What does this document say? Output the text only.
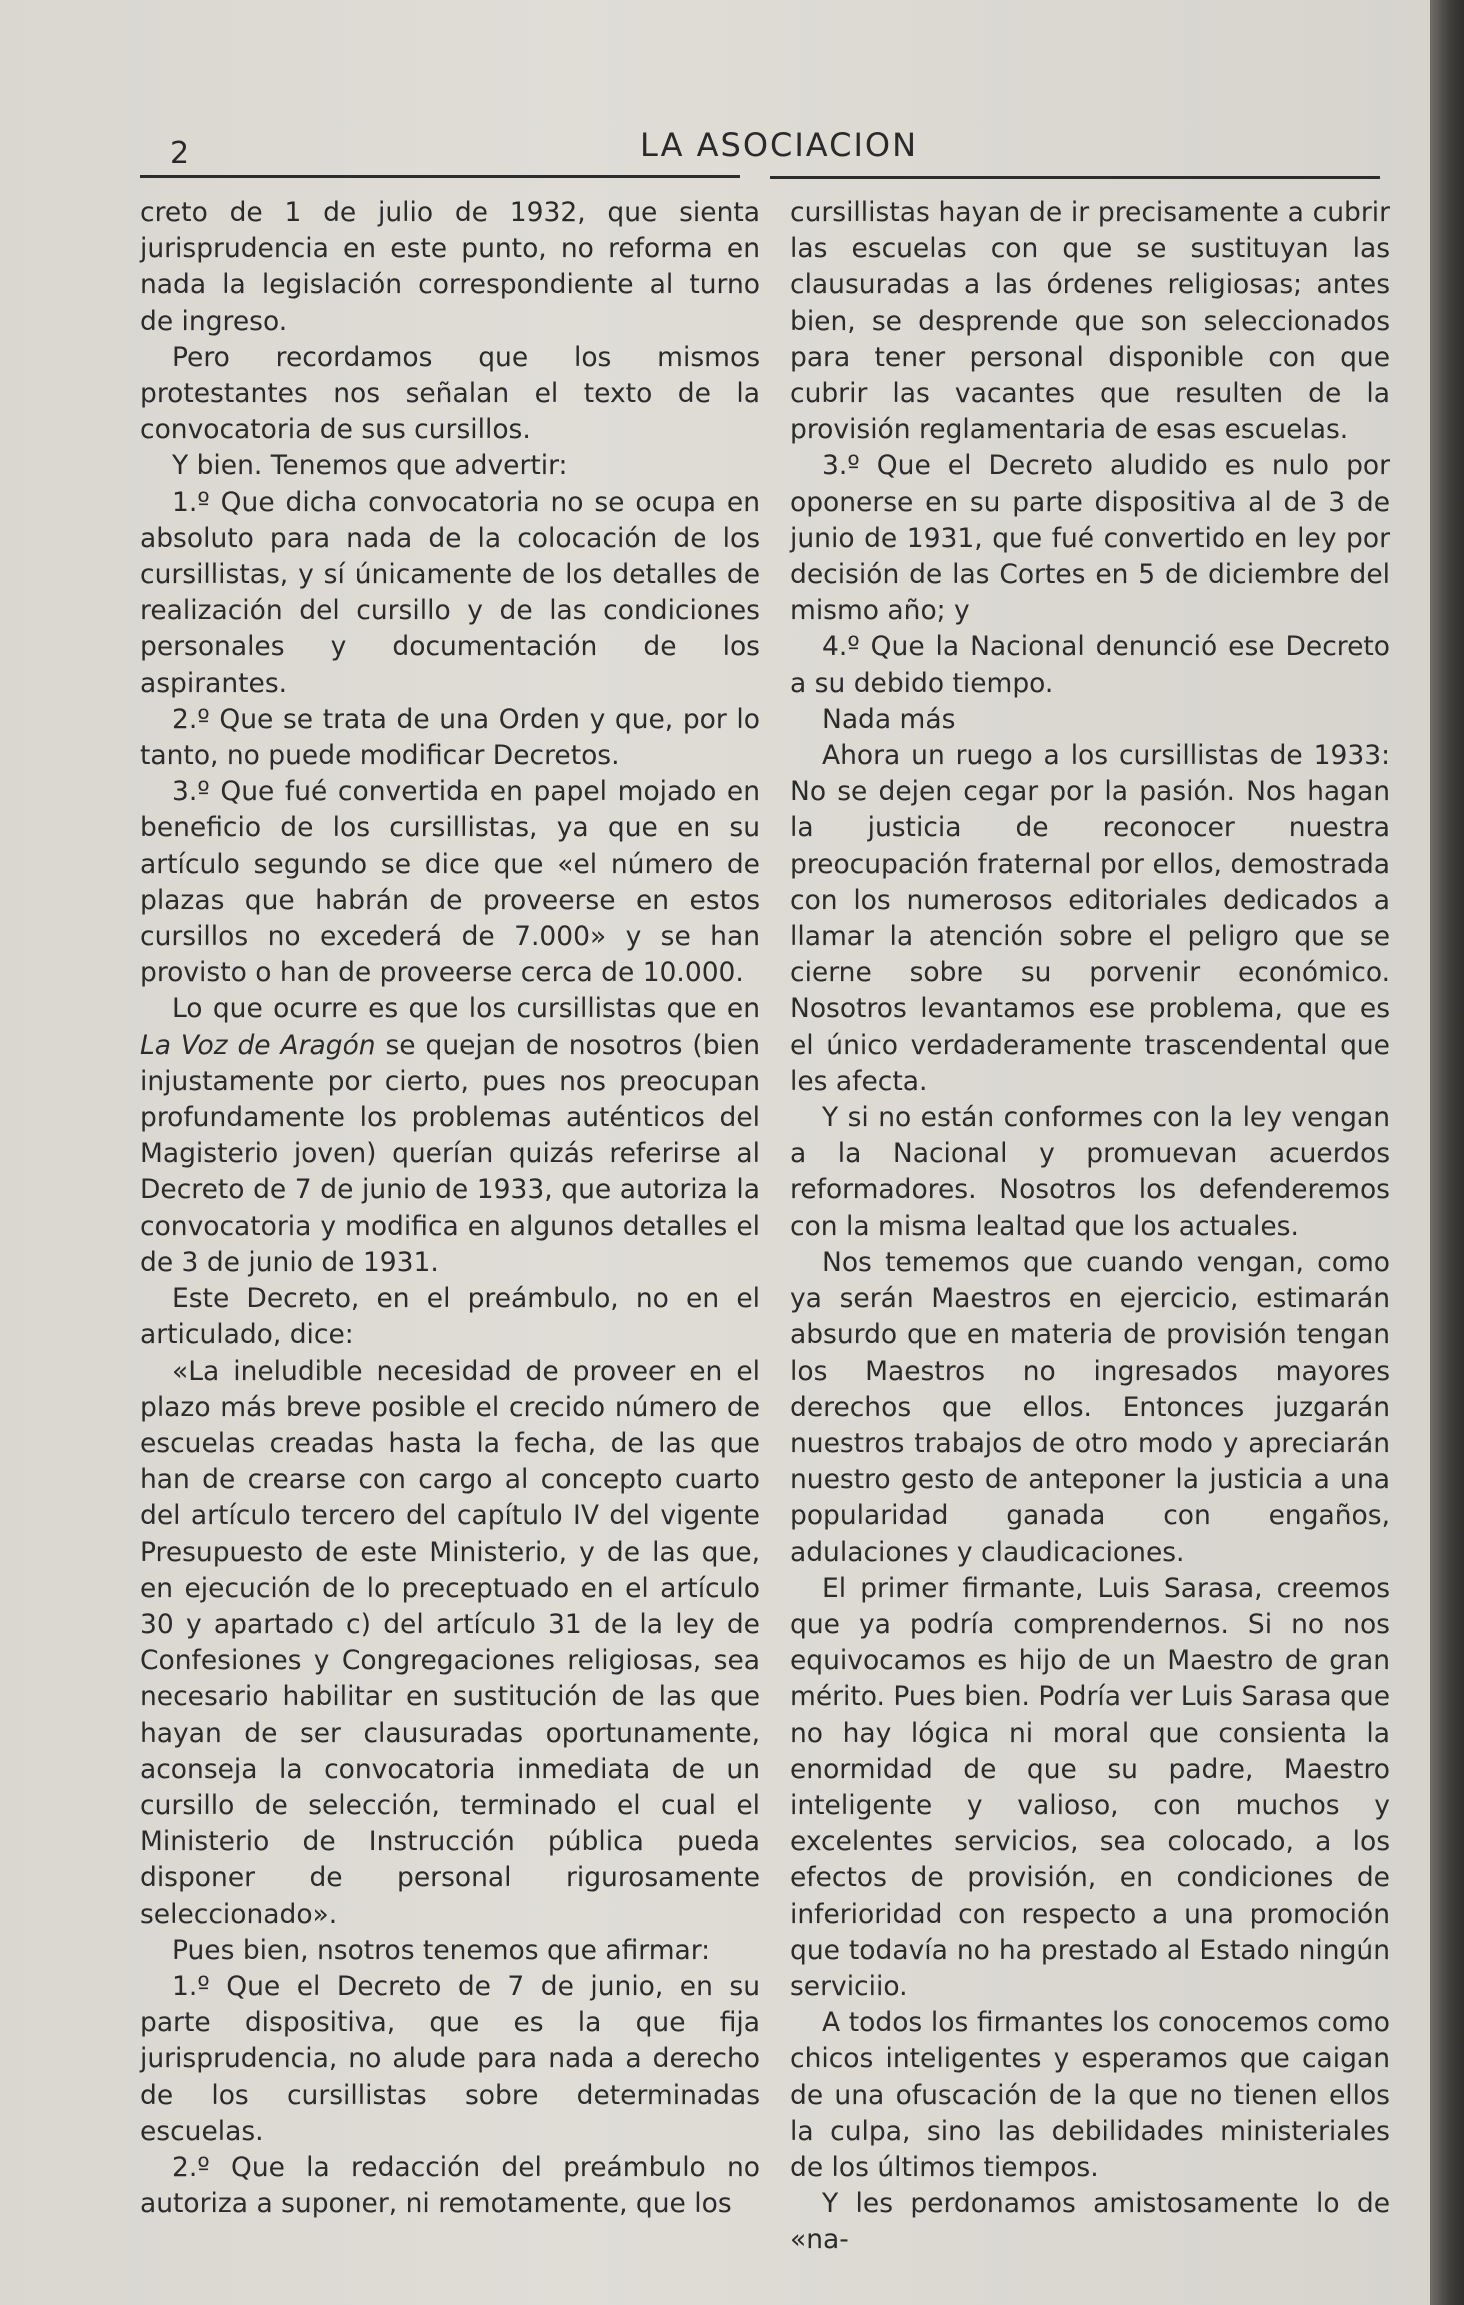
2	LA ASOCIACION

creto de 1 de julio de 1932, que sienta jurisprudencia en este punto, no reforma en nada la legislación correspondiente al turno de ingreso.

Pero recordamos que los mismos protestantes nos señalan el texto de la convocatoria de sus cursillos.

Y bien. Tenemos que advertir:

1.º Que dicha convocatoria no se ocupa en absoluto para nada de la colocación de los cursillistas, y sí únicamente de los detalles de realización del cursillo y de las condiciones personales y documentación de los aspirantes.

2.º Que se trata de una Orden y que, por lo tanto, no puede modificar Decretos.

3.º Que fué convertida en papel mojado en beneficio de los cursillistas, ya que en su artículo segundo se dice que «el número de plazas que habrán de proveerse en estos cursillos no excederá de 7.000» y se han provisto o han de proveerse cerca de 10.000.

Lo que ocurre es que los cursillistas que en La Voz de Aragón se quejan de nosotros (bien injustamente por cierto, pues nos preocupan profundamente los problemas auténticos del Magisterio joven) querían quizás referirse al Decreto de 7 de junio de 1933, que autoriza la convocatoria y modifica en algunos detalles el de 3 de junio de 1931.

Este Decreto, en el preámbulo, no en el articulado, dice:

«La ineludible necesidad de proveer en el plazo más breve posible el crecido número de escuelas creadas hasta la fecha, de las que han de crearse con cargo al concepto cuarto del artículo tercero del capítulo IV del vigente Presupuesto de este Ministerio, y de las que, en ejecución de lo preceptuado en el artículo 30 y apartado c) del artículo 31 de la ley de Confesiones y Congregaciones religiosas, sea necesario habilitar en sustitución de las que hayan de ser clausuradas oportunamente, aconseja la convocatoria inmediata de un cursillo de selección, terminado el cual el Ministerio de Instrucción pública pueda disponer de personal rigurosamente seleccionado».

Pues bien, nsotros tenemos que afirmar:

1.º Que el Decreto de 7 de junio, en su parte dispositiva, que es la que fija jurisprudencia, no alude para nada a derecho de los cursillistas sobre determinadas escuelas.

2.º Que la redacción del preámbulo no autoriza a suponer, ni remotamente, que los

cursillistas hayan de ir precisamente a cubrir las escuelas con que se sustituyan las clausuradas a las órdenes religiosas; antes bien, se desprende que son seleccionados para tener personal disponible con que cubrir las vacantes que resulten de la provisión reglamentaria de esas escuelas.

3.º Que el Decreto aludido es nulo por oponerse en su parte dispositiva al de 3 de junio de 1931, que fué convertido en ley por decisión de las Cortes en 5 de diciembre del mismo año; y

4.º Que la Nacional denunció ese Decreto a su debido tiempo.

Nada más

Ahora un ruego a los cursillistas de 1933: No se dejen cegar por la pasión. Nos hagan la justicia de reconocer nuestra preocupación fraternal por ellos, demostrada con los numerosos editoriales dedicados a llamar la atención sobre el peligro que se cierne sobre su porvenir económico. Nosotros levantamos ese problema, que es el único verdaderamente trascendental que les afecta.

Y si no están conformes con la ley vengan a la Nacional y promuevan acuerdos reformadores. Nosotros los defenderemos con la misma lealtad que los actuales.

Nos tememos que cuando vengan, como ya serán Maestros en ejercicio, estimarán absurdo que en materia de provisión tengan los Maestros no ingresados mayores derechos que ellos. Entonces juzgarán nuestros trabajos de otro modo y apreciarán nuestro gesto de anteponer la justicia a una popularidad ganada con engaños, adulaciones y claudicaciones.

El primer firmante, Luis Sarasa, creemos que ya podría comprendernos. Si no nos equivocamos es hijo de un Maestro de gran mérito. Pues bien. Podría ver Luis Sarasa que no hay lógica ni moral que consienta la enormidad de que su padre, Maestro inteligente y valioso, con muchos y excelentes servicios, sea colocado, a los efectos de provisión, en condiciones de inferioridad con respecto a una promoción que todavía no ha prestado al Estado ningún serviciio.

A todos los firmantes los conocemos como chicos inteligentes y esperamos que caigan de una ofuscación de la que no tienen ellos la culpa, sino las debilidades ministeriales de los últimos tiempos.

Y les perdonamos amistosamente lo de «na-
